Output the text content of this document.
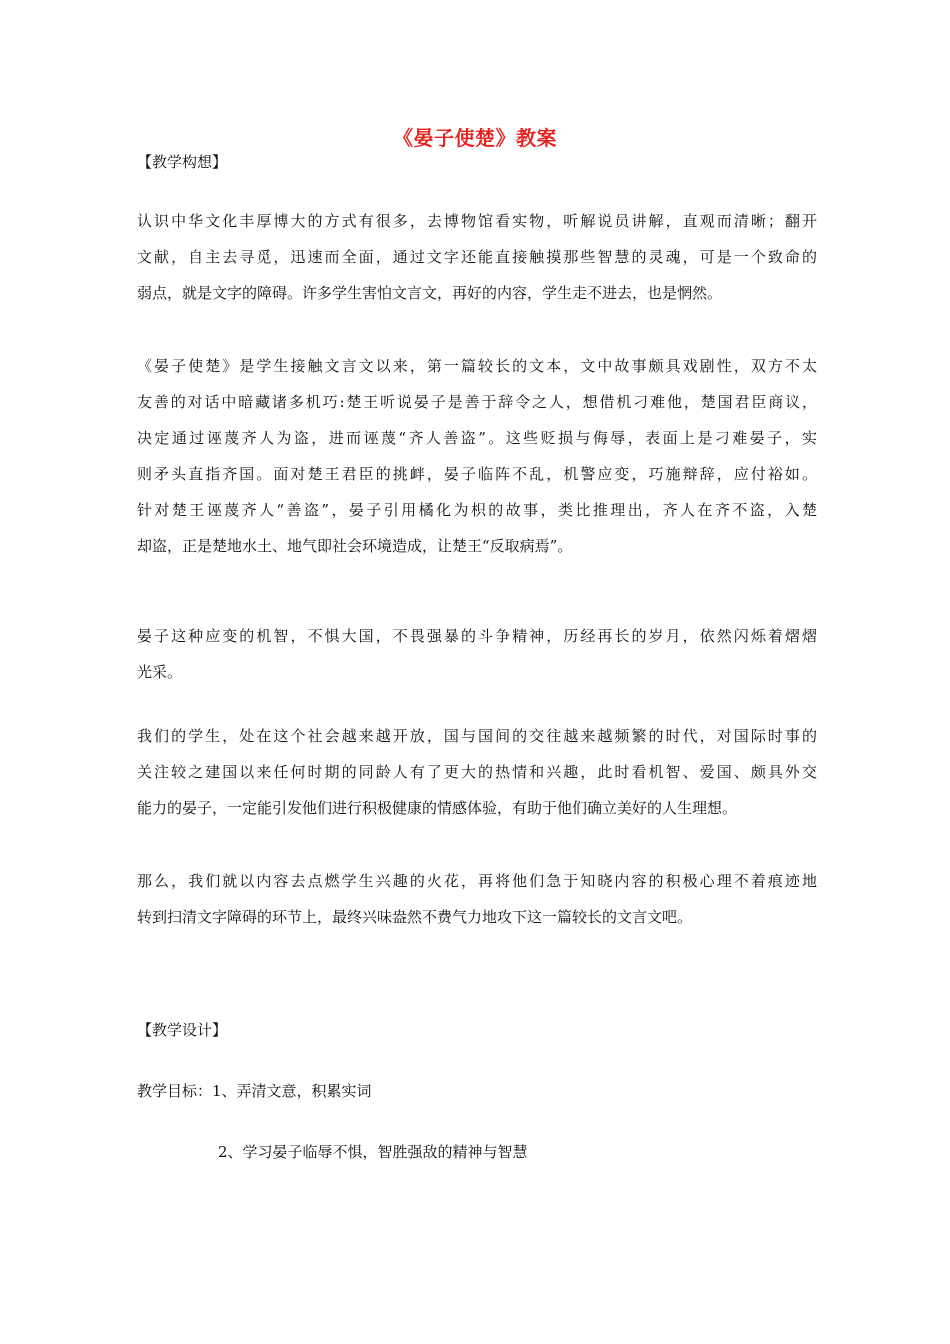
《晏子使楚》教案
【教学构想】
认识中华文化丰厚博大的方式有很多，去博物馆看实物，听解说员讲解，直观而清晰；翻开
文献，自主去寻觅，迅速而全面，通过文字还能直接触摸那些智慧的灵魂，可是一个致命的
弱点，就是文字的障碍。许多学生害怕文言文，再好的内容，学生走不进去，也是惘然。
《晏子使楚》是学生接触文言文以来，第一篇较长的文本，文中故事颇具戏剧性，双方不太
友善的对话中暗藏诸多机巧:楚王听说晏子是善于辞令之人，想借机刁难他，楚国君臣商议，
决定通过诬蔑齐人为盗，进而诬蔑“齐人善盗”。这些贬损与侮辱，表面上是刁难晏子，实
则矛头直指齐国。面对楚王君臣的挑衅，晏子临阵不乱，机警应变，巧施辩辞，应付裕如。
针对楚王诬蔑齐人“善盗”，晏子引用橘化为枳的故事，类比推理出，齐人在齐不盗，入楚
却盗，正是楚地水土、地气即社会环境造成，让楚王“反取病焉”。
晏子这种应变的机智，不惧大国，不畏强暴的斗争精神，历经再长的岁月，依然闪烁着熠熠
光采。
我们的学生，处在这个社会越来越开放，国与国间的交往越来越频繁的时代，对国际时事的
关注较之建国以来任何时期的同龄人有了更大的热情和兴趣，此时看机智、爱国、颇具外交
能力的晏子，一定能引发他们进行积极健康的情感体验，有助于他们确立美好的人生理想。
那么，我们就以内容去点燃学生兴趣的火花，再将他们急于知晓内容的积极心理不着痕迹地
转到扫清文字障碍的环节上，最终兴味盎然不费气力地攻下这一篇较长的文言文吧。
【教学设计】
教学目标：1、弄清文意，积累实词
2、学习晏子临辱不惧，智胜强敌的精神与智慧
